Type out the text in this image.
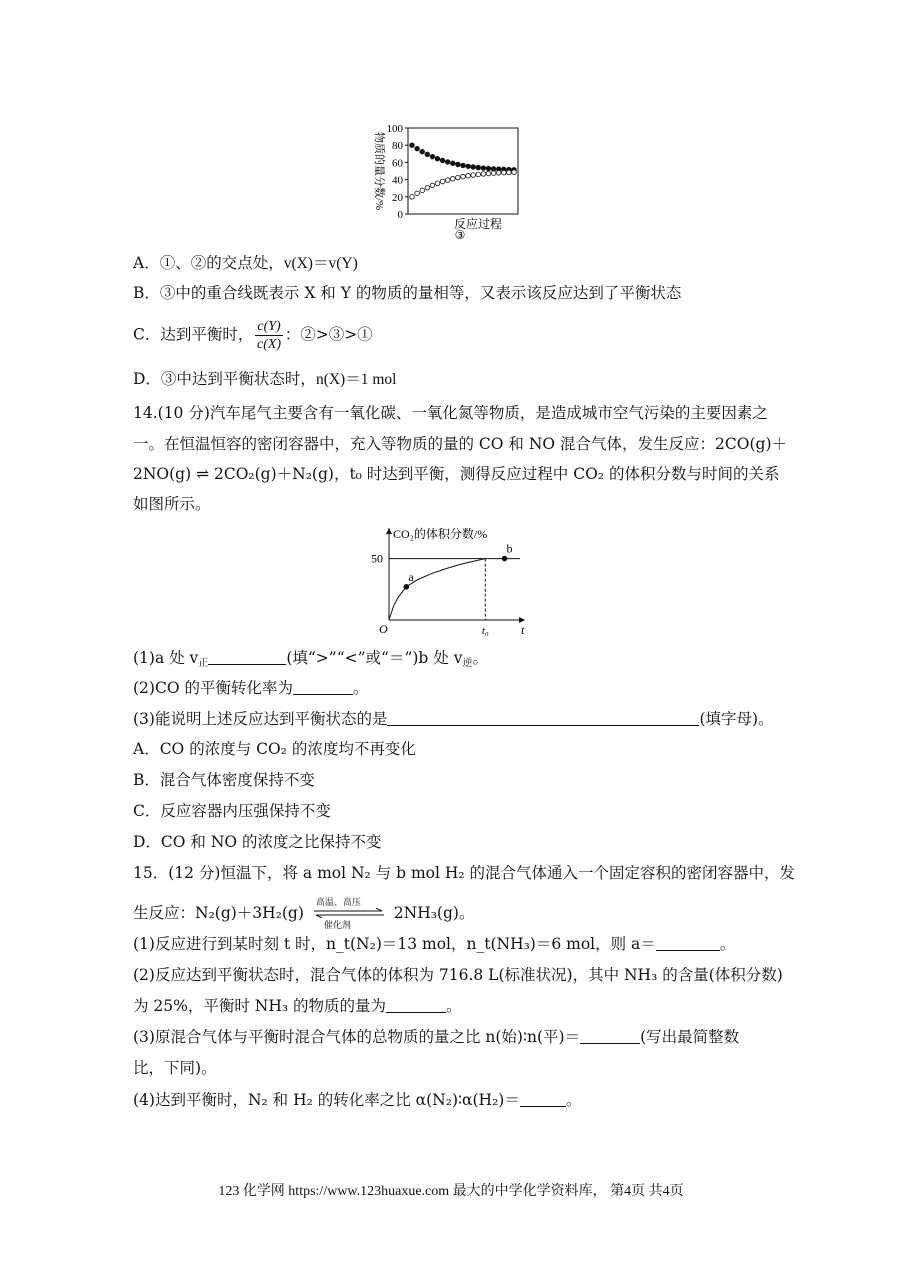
0
20
40
60
80
100
物质的量分数/%
反应过程
③
A．①、②的交点处，v(X)＝v(Y)
B．③中的重合线既表示 X 和 Y 的物质的量相等，又表示该反应达到了平衡状态
C．达到平衡时， $\frac{c(Y)}{c(X)}$ ：②>③>①
D．③中达到平衡状态时，n(X)＝1 mol
14.(10 分)汽车尾气主要含有一氧化碳、一氧化氮等物质，是造成城市空气污染的主要因素之
一。在恒温恒容的密闭容器中，充入等物质的量的 CO 和 NO 混合气体，发生反应：2CO(g)＋
2NO(g) ⇌ 2CO₂(g)＋N₂(g)，t₀ 时达到平衡，测得反应过程中 CO₂ 的体积分数与时间的关系
如图所示。
50
CO₂的体积分数/%
O	t₀	t
a
b
(1)a 处 $v_正$	(填“>”“<”或“＝”)b 处 $v_逆$。
(2)CO 的平衡转化率为	。
(3)能说明上述反应达到平衡状态的是	(填字母)。
A．CO 的浓度与 CO₂ 的浓度均不再变化
B．混合气体密度保持不变
C．反应容器内压强保持不变
D．CO 和 NO 的浓度之比保持不变
15．(12 分)恒温下，将 a mol N₂ 与 b mol H₂ 的混合气体通入一个固定容积的密闭容器中，发
生反应：N₂(g)＋3H₂(g)
高温、高压
催化剂
2NH₃(g)。
(1)反应进行到某时刻 t 时，n_t(N₂)＝13 mol，n_t(NH₃)＝6 mol，则 a＝	。
(2)反应达到平衡状态时，混合气体的体积为 716.8 L(标准状况)，其中 NH₃ 的含量(体积分数)
为 25%，平衡时 NH₃ 的物质的量为	。
(3)原混合气体与平衡时混合气体的总物质的量之比 n(始)∶n(平)＝	(写出最简整数
比，下同)。
(4)达到平衡时，N₂ 和 H₂ 的转化率之比 α(N₂)∶α(H₂)＝	。
123 化学网 https://www.123huaxue.com 最大的中学化学资料库， 第4页 共4页
